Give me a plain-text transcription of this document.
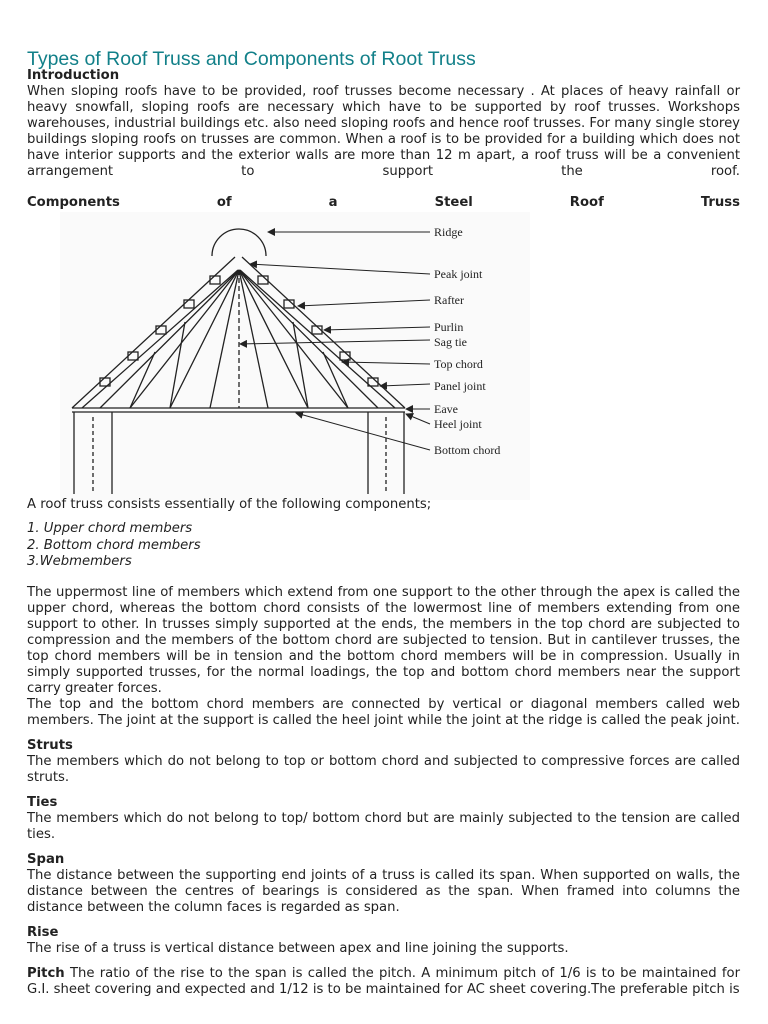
Types of Roof Truss and Components of Root Truss
Introduction

When sloping roofs have to be provided, roof trusses become necessary . At places of heavy rainfall or heavy snowfall, sloping roofs are necessary which have to be supported by roof trusses. Workshops warehouses, industrial buildings etc. also need sloping roofs and hence roof trusses. For many single storey buildings sloping roofs on trusses are common. When a roof is to be provided for a building which does not have interior supports and the exterior walls are more than 12 m apart, a roof truss will be a convenient arrangement to support the roof.

Components	of	a	Steel	Roof	Truss
Ridge
Peak joint
Rafter
Purlin
Sag tie
Top chord
Panel joint
Eave
Heel joint
Bottom chord

A roof truss consists essentially of the following components;

1. Upper chord members
2. Bottom chord members
3.Webmembers

The uppermost line of members which extend from one support to the other through the apex is called the upper chord, whereas the bottom chord consists of the lowermost line of members extending from one support to other. In trusses simply supported at the ends, the members in the top chord are subjected to compression and the members of the bottom chord are subjected to tension. But in cantilever trusses, the top chord members will be in tension and the bottom chord members will be in compression. Usually in simply supported trusses, for the normal loadings, the top and bottom chord members near the support carry greater forces.

The top and the bottom chord members are connected by vertical or diagonal members called web members. The joint at the support is called the heel joint while the joint at the ridge is called the peak joint.

Struts

The members which do not belong to top or bottom chord and subjected to compressive forces are called struts.

Ties

The members which do not belong to top/ bottom chord but are mainly subjected to the tension are called ties.

Span

The distance between the supporting end joints of a truss is called its span. When supported on walls, the distance between the centres of bearings is considered as the span. When framed into columns the distance between the column faces is regarded as span.

Rise

The rise of a truss is vertical distance between apex and line joining the supports.

Pitch The ratio of the rise to the span is called the pitch. A minimum pitch of 1/6 is to be maintained for G.I. sheet covering and expected and 1/12 is to be maintained for AC sheet covering.The preferable pitch is
